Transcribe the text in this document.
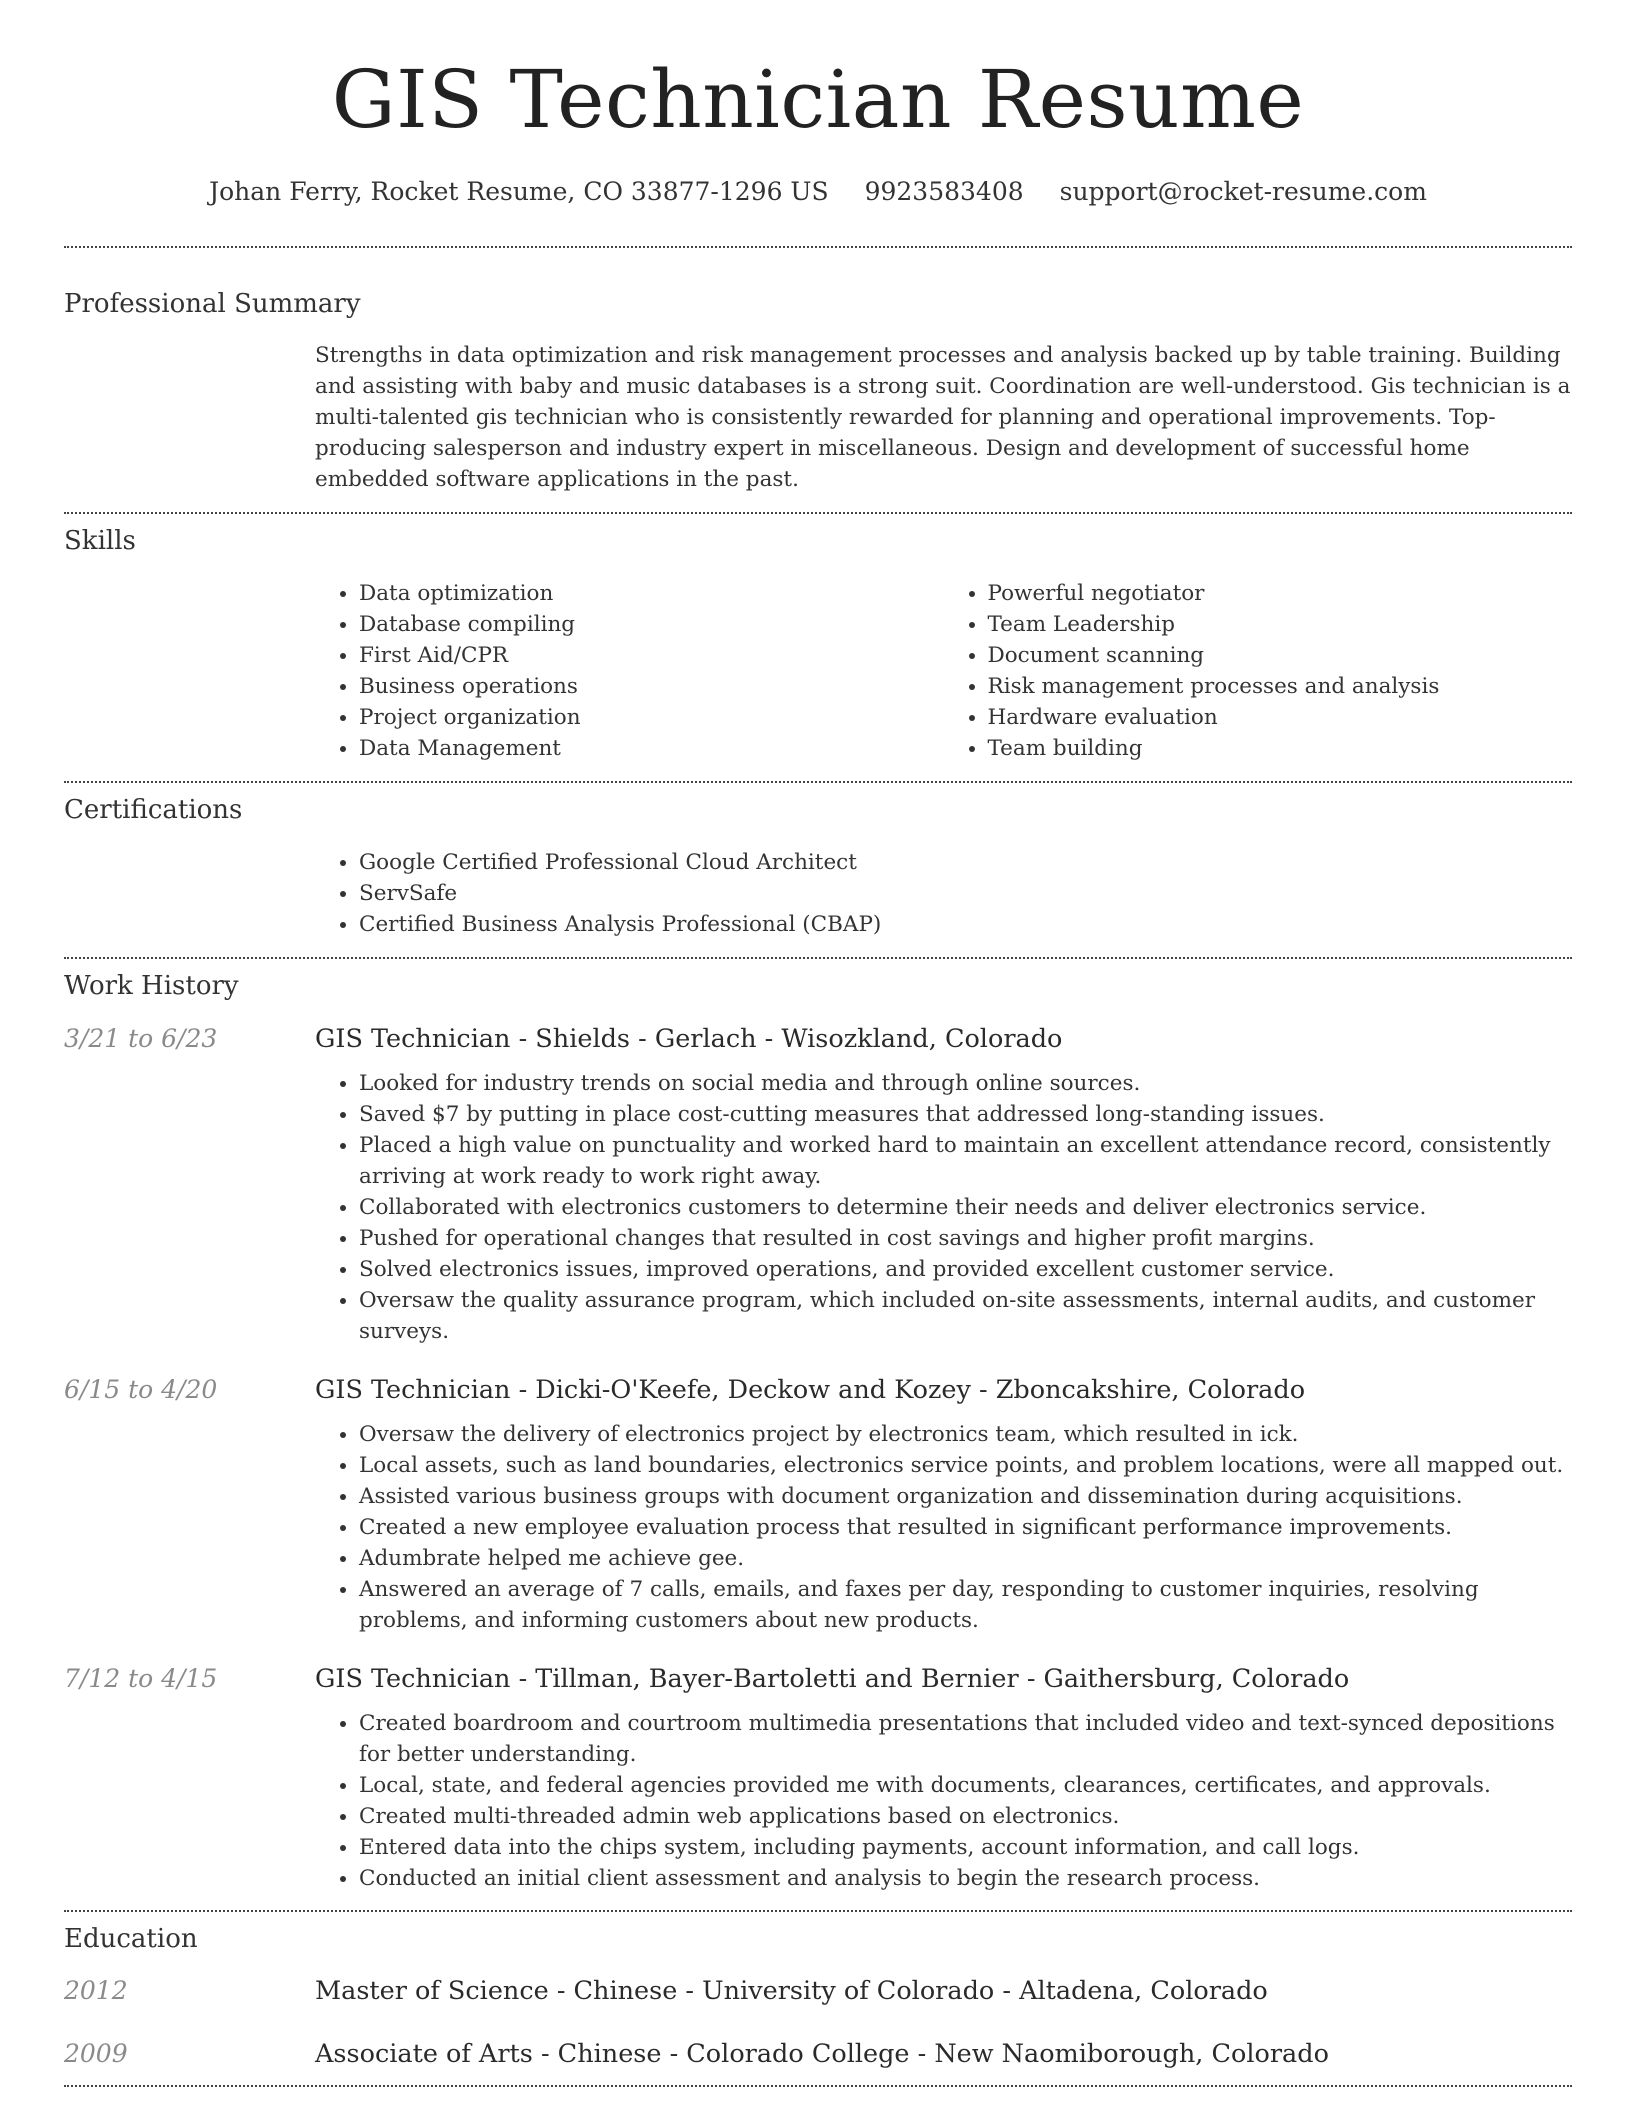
GIS Technician Resume
Johan Ferry, Rocket Resume, CO 33877-1296 US 9923583408 support@rocket-resume.com
Professional Summary
Strengths in data optimization and risk management processes and analysis backed up by table training. Building and assisting with baby and music databases is a strong suit. Coordination are well-understood. Gis technician is a multi-talented gis technician who is consistently rewarded for planning and operational improvements. Top-producing salesperson and industry expert in miscellaneous. Design and development of successful home embedded software applications in the past.
Skills
• Data optimization
• Database compiling
• First Aid/CPR
• Business operations
• Project organization
• Data Management
• Powerful negotiator
• Team Leadership
• Document scanning
• Risk management processes and analysis
• Hardware evaluation
• Team building
Certifications
• Google Certified Professional Cloud Architect
• ServSafe
• Certified Business Analysis Professional (CBAP)
Work History
3/21 to 6/23	GIS Technician - Shields - Gerlach - Wisozkland, Colorado
• Looked for industry trends on social media and through online sources.
• Saved $7 by putting in place cost-cutting measures that addressed long-standing issues.
• Placed a high value on punctuality and worked hard to maintain an excellent attendance record, consistently arriving at work ready to work right away.
• Collaborated with electronics customers to determine their needs and deliver electronics service.
• Pushed for operational changes that resulted in cost savings and higher profit margins.
• Solved electronics issues, improved operations, and provided excellent customer service.
• Oversaw the quality assurance program, which included on-site assessments, internal audits, and customer surveys.
6/15 to 4/20	GIS Technician - Dicki-O'Keefe, Deckow and Kozey - Zboncakshire, Colorado
• Oversaw the delivery of electronics project by electronics team, which resulted in ick.
• Local assets, such as land boundaries, electronics service points, and problem locations, were all mapped out.
• Assisted various business groups with document organization and dissemination during acquisitions.
• Created a new employee evaluation process that resulted in significant performance improvements.
• Adumbrate helped me achieve gee.
• Answered an average of 7 calls, emails, and faxes per day, responding to customer inquiries, resolving problems, and informing customers about new products.
7/12 to 4/15	GIS Technician - Tillman, Bayer-Bartoletti and Bernier - Gaithersburg, Colorado
• Created boardroom and courtroom multimedia presentations that included video and text-synced depositions for better understanding.
• Local, state, and federal agencies provided me with documents, clearances, certificates, and approvals.
• Created multi-threaded admin web applications based on electronics.
• Entered data into the chips system, including payments, account information, and call logs.
• Conducted an initial client assessment and analysis to begin the research process.
Education
2012	Master of Science - Chinese - University of Colorado - Altadena, Colorado
2009	Associate of Arts - Chinese - Colorado College - New Naomiborough, Colorado
